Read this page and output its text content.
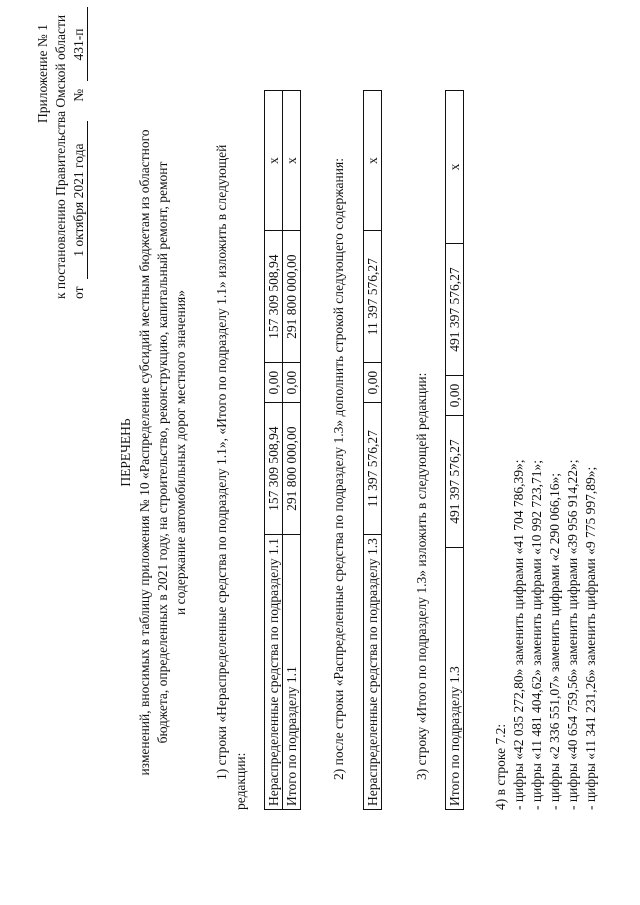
Приложение № 1 к постановлению Правительства Омской области от 1 октября 2021 года № 431-п
ПЕРЕЧЕНЬ изменений, вносимых в таблицу приложения № 10 «Распределение субсидий местным бюджетам из областного бюджета, определенных в 2021 году, на строительство, реконструкцию, капитальный ремонт, ремонт и содержание автомобильных дорог местного значения» 1) строки «Нераспределенные средства по подразделу 1.1», «Итого по подразделу 1.1» изложить в следующей
редакции: Нераспределенные средства по подразделу 1.1	157 309 508,94	0,00	157 309 508,94	х
Итого по подразделу 1.1	291 800 000,00	0,00	291 800 000,00	х 2) после строки «Распределенные средства по подразделу 1.3» дополнить строкой следующего содержания: Нераспределенные средства по подразделу 1.3	11 397 576,27	0,00	11 397 576,27	х
3) строку «Итого по подразделу 1.3» изложить в следующей редакции: Итого по подразделу 1.3	491 397 576,27	0,00	491 397 576,27	х
4) в строке 7.2: - цифры «42 035 272,80» заменить цифрами «41 704 786,39»; - цифры «11 481 404,62» заменить цифрами «10 992 723,71»; - цифры «2 336 551,07» заменить цифрами «2 290 066,16»; - цифры «40 654 759,56» заменить цифрами «39 956 914,22»; - цифры «11 341 231,26» заменить цифрами «9 775 997,89»;
